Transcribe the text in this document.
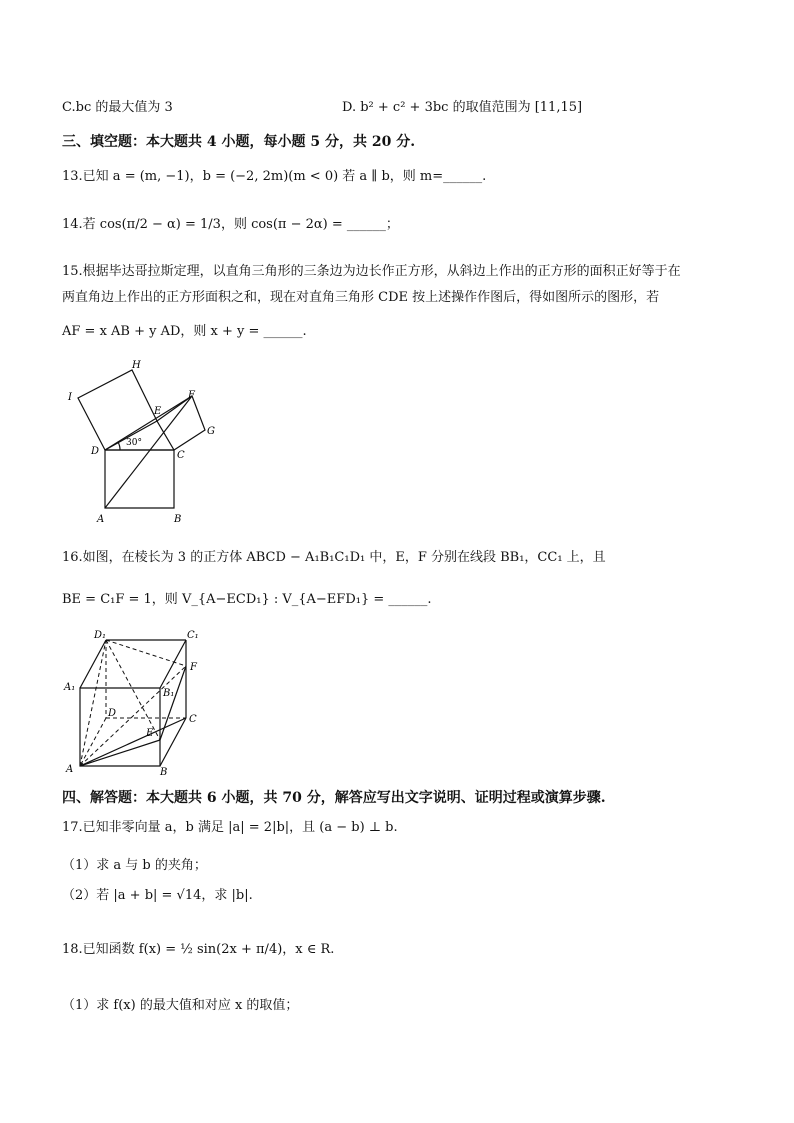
C.bc 的最大值为 3	D. b² + c² + 3bc 的取值范围为 [11,15]
三、填空题：本大题共 4 小题，每小题 5 分，共 20 分.
13.已知 a = (m, −1)，b = (−2, 2m)(m < 0) 若 a ∥ b，则 m=______.
14.若 cos(π/2 − α) = 1/3，则 cos(π − 2α) = ______；
15.根据毕达哥拉斯定理，以直角三角形的三条边为边长作正方形，从斜边上作出的正方形的面积正好等于在
两直角边上作出的正方形面积之和，现在对直角三角形 CDE 按上述操作作图后，得如图所示的图形，若
AF = x AB + y AD，则 x + y = ______.
H
I
E
F
G
D	C
A	B
30°
16.如图，在棱长为 3 的正方体 ABCD − A₁B₁C₁D₁ 中，E，F 分别在线段 BB₁，CC₁ 上，且
BE = C₁F = 1，则 V_{A−ECD₁} : V_{A−EFD₁} = ______.
D₁	C₁
F
A₁
B₁
D
C
E
A	B
四、解答题：本大题共 6 小题，共 70 分，解答应写出文字说明、证明过程或演算步骤.
17.已知非零向量 a，b 满足 |a| = 2|b|，且 (a − b) ⊥ b.
（1）求 a 与 b 的夹角；
（2）若 |a + b| = √14，求 |b|.
18.已知函数 f(x) = ½ sin(2x + π/4)，x ∈ R.
（1）求 f(x) 的最大值和对应 x 的取值；
